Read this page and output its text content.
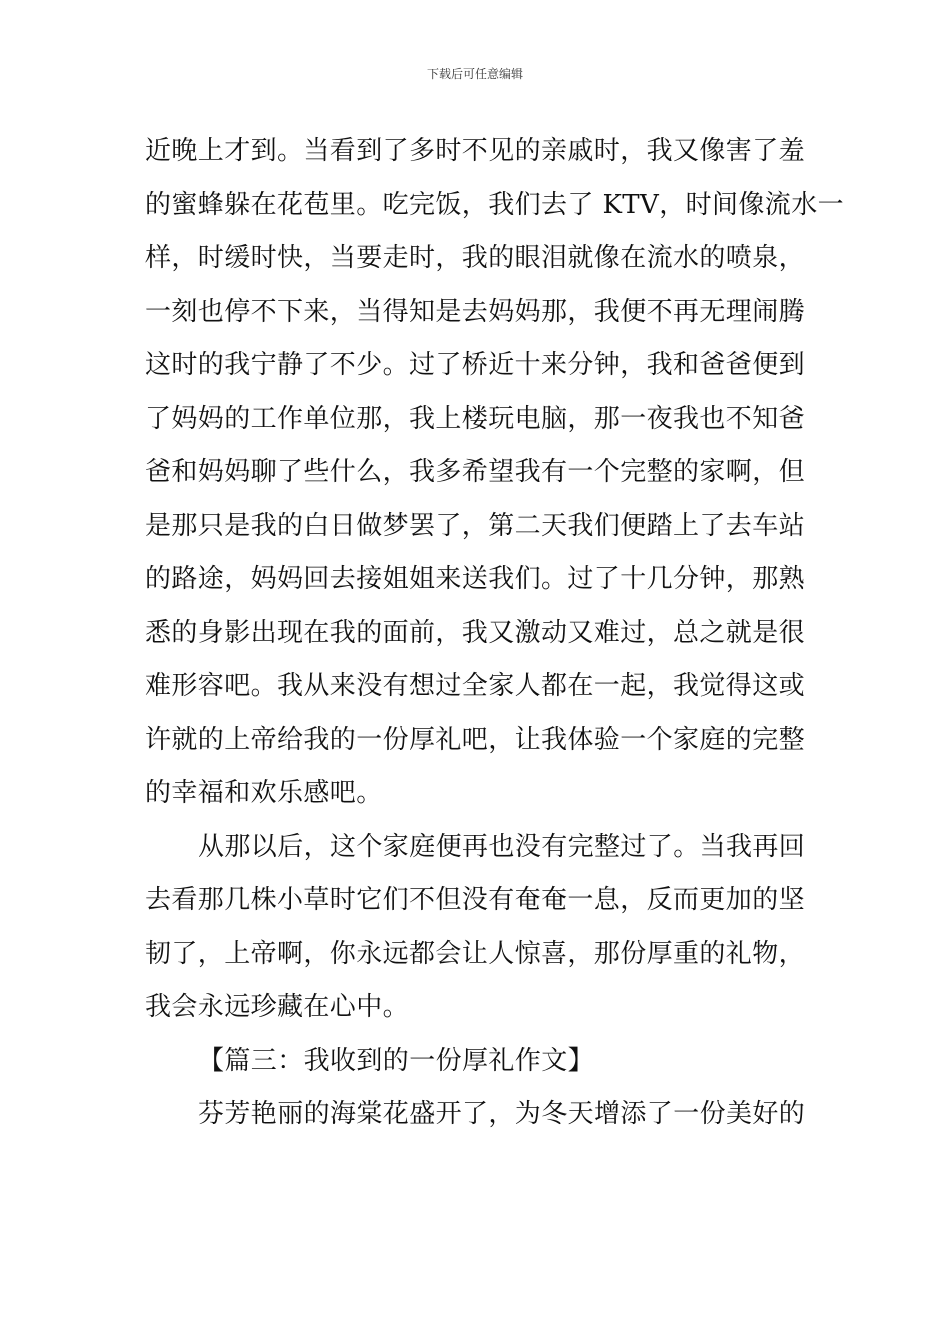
下载后可任意编辑
近晚上才到。当看到了多时不见的亲戚时，我又像害了羞
的蜜蜂躲在花苞里。吃完饭，我们去了 KTV，时间像流水一
样，时缓时快，当要走时，我的眼泪就像在流水的喷泉，
一刻也停不下来，当得知是去妈妈那，我便不再无理闹腾
这时的我宁静了不少。过了桥近十来分钟，我和爸爸便到
了妈妈的工作单位那，我上楼玩电脑，那一夜我也不知爸
爸和妈妈聊了些什么，我多希望我有一个完整的家啊，但
是那只是我的白日做梦罢了，第二天我们便踏上了去车站
的路途，妈妈回去接姐姐来送我们。过了十几分钟，那熟
悉的身影出现在我的面前，我又激动又难过，总之就是很
难形容吧。我从来没有想过全家人都在一起，我觉得这或
许就的上帝给我的一份厚礼吧，让我体验一个家庭的完整
的幸福和欢乐感吧。
从那以后，这个家庭便再也没有完整过了。当我再回
去看那几株小草时它们不但没有奄奄一息，反而更加的坚
韧了，上帝啊，你永远都会让人惊喜，那份厚重的礼物，
我会永远珍藏在心中。
【篇三：我收到的一份厚礼作文】
芬芳艳丽的海棠花盛开了，为冬天增添了一份美好的
